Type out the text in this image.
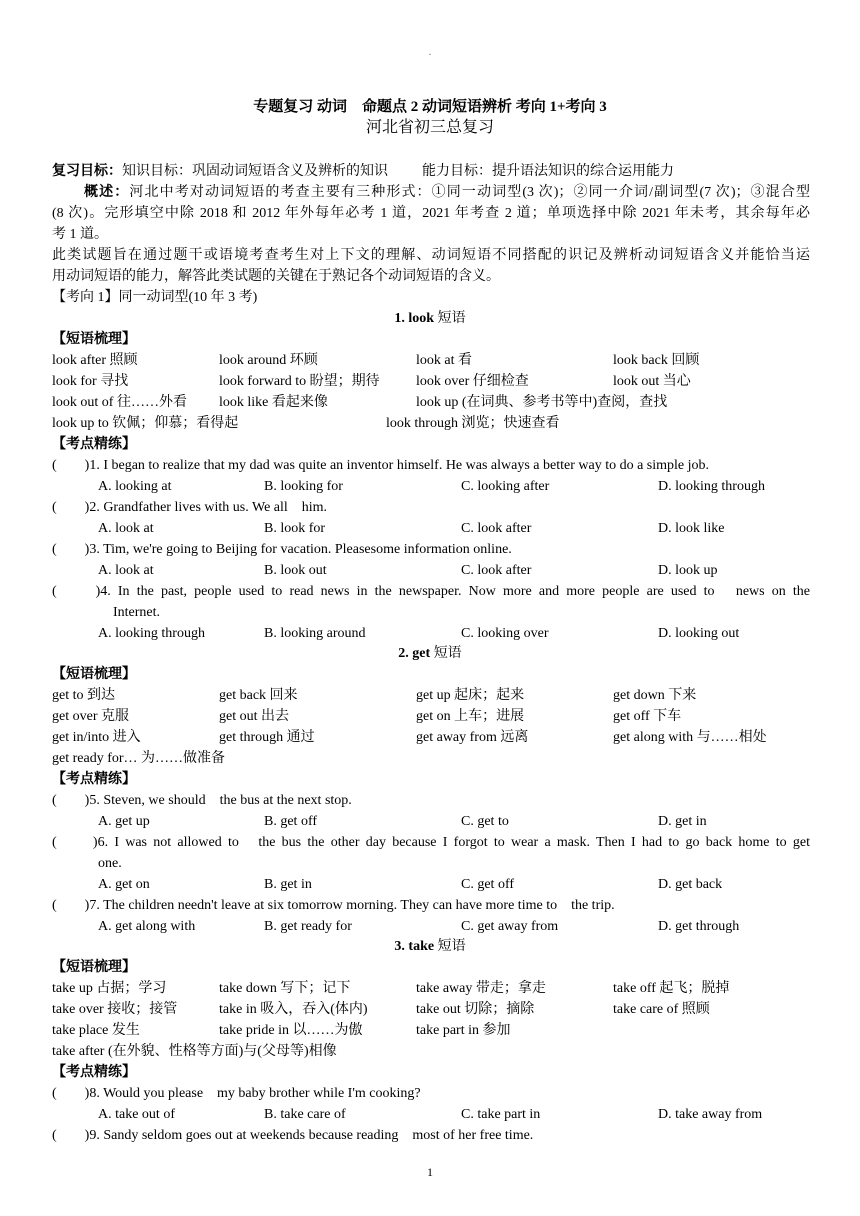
.
专题复习 动词　命题点 2 动词短语辨析 考向 1+考向 3
河北省初三总复习
复习目标：知识目标：巩固动词短语含义及辨析的知识 能力目标：提升语法知识的综合运用能力
概述：河北中考对动词短语的考查主要有三种形式：①同一动词型(3 次)；②同一介词/副词型(7 次)；③混合型
(8 次)。完形填空中除 2018 和 2012 年外每年必考 1 道，2021 年考查 2 道；单项选择中除 2021 年未考，其余每年必
考 1 道。
此类试题旨在通过题干或语境考查考生对上下文的理解、动词短语不同搭配的识记及辨析动词短语含义并能恰当运
用动词短语的能力，解答此类试题的关键在于熟记各个动词短语的含义。
【考向 1】同一动词型(10 年 3 考)
1. look 短语
【短语梳理】
look after 照顾	look around 环顾	look at 看	look back 回顾
look for 寻找	look forward to 盼望；期待	look over 仔细检查	look out 当心
look out of 往……外看 look like 看起来像	look up (在词典、参考书等中)查阅，查找
look up to 钦佩；仰慕；看得起	look through 浏览；快速查看
【考点精练】
(　　)1. I began to realize that my dad was quite an inventor himself. He was always a better way to do a simple job.
A. looking at	B. looking for	C. looking after	D. looking through
(　　)2. Grandfather lives with us. We all　him.
A. look at	B. look for	C. look after	D. look like
(　　)3. Tim, we're going to Beijing for vacation. Pleasesome information online.
A. look at	B. look out	C. look after	D. look up
(　　)4. In the past, people used to read news in the newspaper. Now more and more people are used to　news on the
Internet.
A. looking through	B. looking around	C. looking over	D. looking out
2. get 短语
【短语梳理】
get to 到达	get back 回来	get up 起床；起来	get down 下来
get over 克服	get out 出去	get on 上车；进展	get off 下车
get in/into 进入	get through 通过	get away from 远离	get along with 与……相处
get ready for… 为……做准备
【考点精练】
(　　)5. Steven, we should　the bus at the next stop.
A. get up	B. get off	C. get to	D. get in
(　　)6. I was not allowed to　the bus the other day because I forgot to wear a mask. Then I had to go back home to get
one.
A. get on	B. get in	C. get off	D. get back
(　　)7. The children needn't leave at six tomorrow morning. They can have more time to　the trip.
A. get along with	B. get ready for	C. get away from	D. get through
3. take 短语
【短语梳理】
take up 占据；学习	take down 写下；记下	take away 带走；拿走	take off 起飞；脱掉
take over 接收；接管	take in 吸入，吞入(体内)	take out 切除；摘除	take care of 照顾
take place 发生	take pride in 以……为傲	take part in 参加
take after (在外貌、性格等方面)与(父母等)相像
【考点精练】
(　　)8. Would you please　my baby brother while I'm cooking?
A. take out of	B. take care of	C. take part in	D. take away from
(　　)9. Sandy seldom goes out at weekends because reading　most of her free time.
1
